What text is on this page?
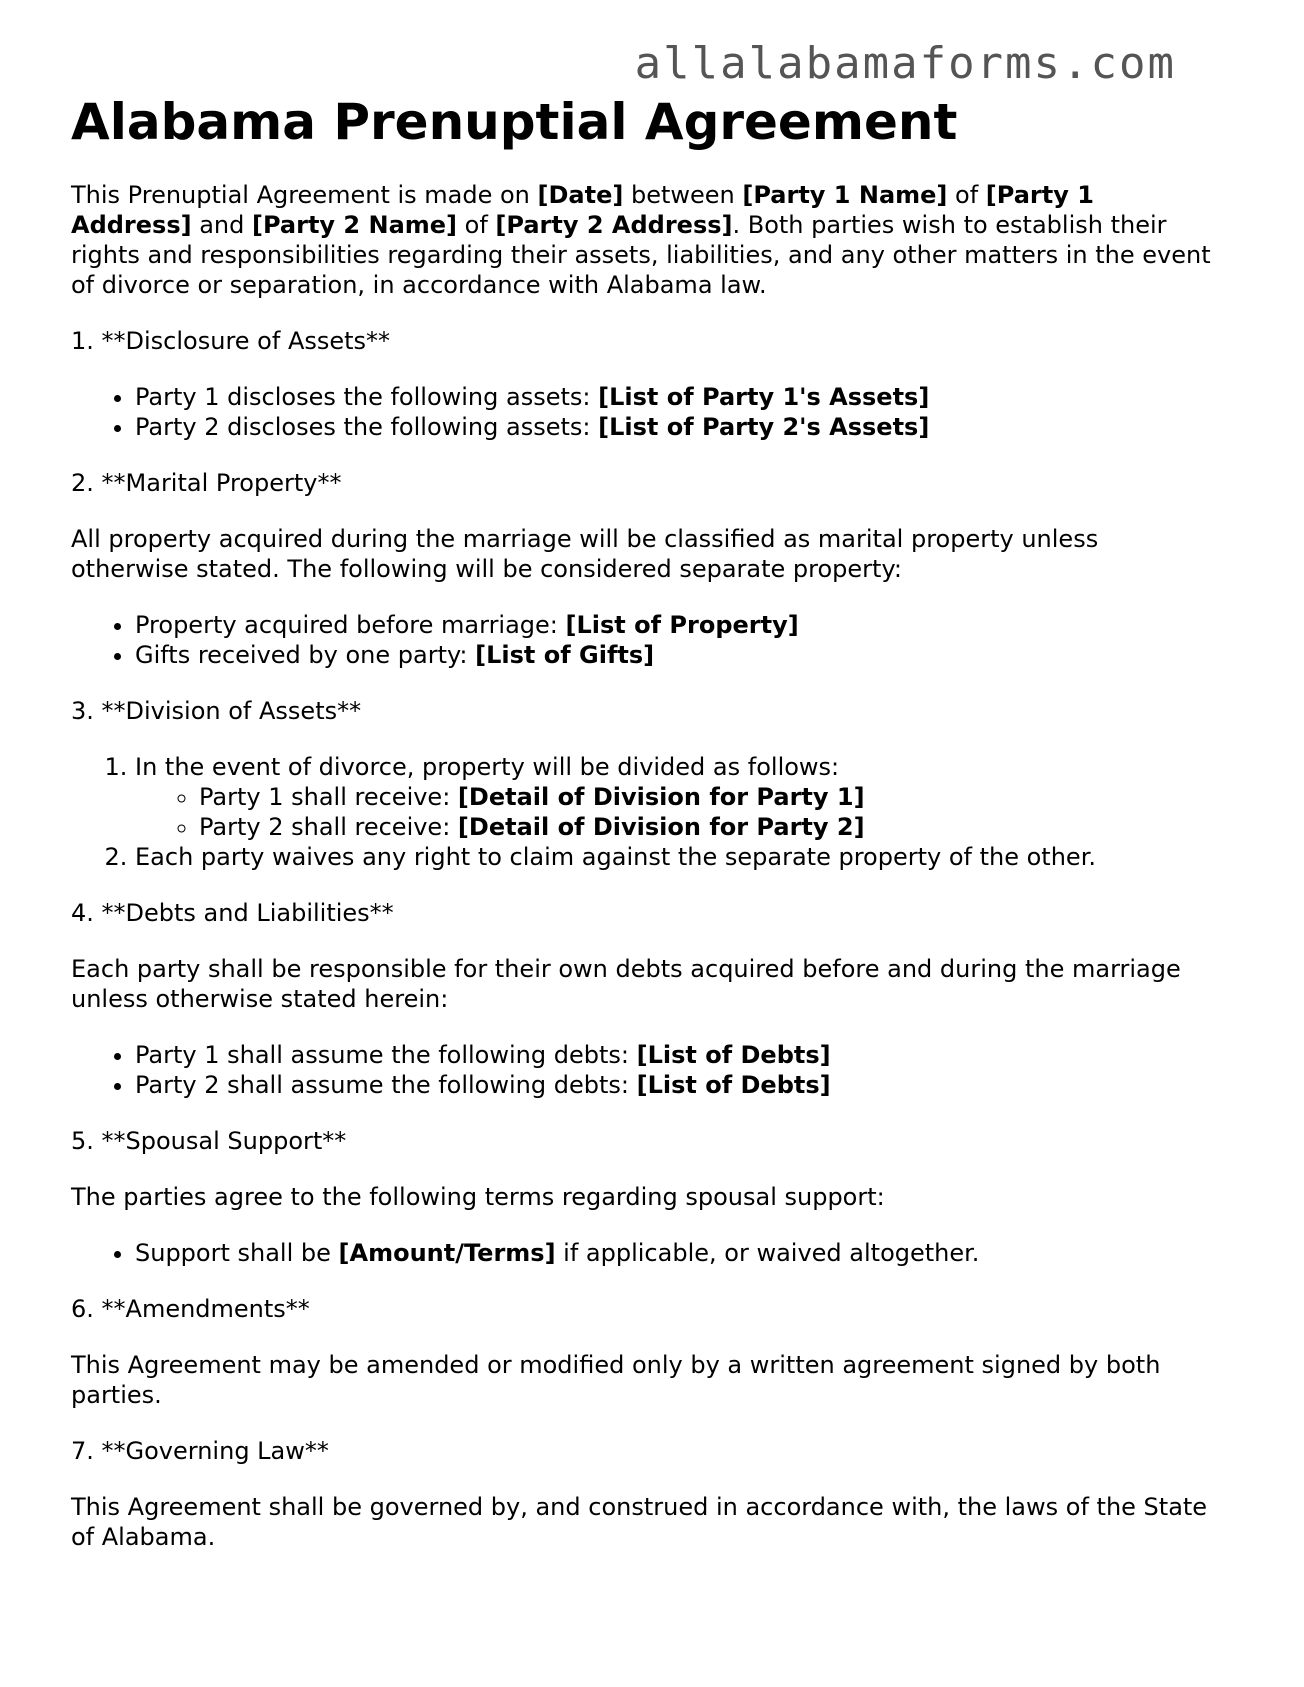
allalabamaforms.com
Alabama Prenuptial Agreement

This Prenuptial Agreement is made on [Date] between [Party 1 Name] of [Party 1 Address] and [Party 2 Name] of [Party 2 Address]. Both parties wish to establish their rights and responsibilities regarding their assets, liabilities, and any other matters in the event of divorce or separation, in accordance with Alabama law.

1. **Disclosure of Assets**
• Party 1 discloses the following assets: [List of Party 1's Assets]
• Party 2 discloses the following assets: [List of Party 2's Assets]
2. **Marital Property**

All property acquired during the marriage will be classified as marital property unless otherwise stated. The following will be considered separate property:

• Property acquired before marriage: [List of Property]
• Gifts received by one party: [List of Gifts]
3. **Division of Assets**
1. In the event of divorce, property will be divided as follows:
◦ Party 1 shall receive: [Detail of Division for Party 1]
◦ Party 2 shall receive: [Detail of Division for Party 2]
2. Each party waives any right to claim against the separate property of the other.
4. **Debts and Liabilities**

Each party shall be responsible for their own debts acquired before and during the marriage unless otherwise stated herein:

• Party 1 shall assume the following debts: [List of Debts]
• Party 2 shall assume the following debts: [List of Debts]
5. **Spousal Support**

The parties agree to the following terms regarding spousal support:

• Support shall be [Amount/Terms] if applicable, or waived altogether.
6. **Amendments**

This Agreement may be amended or modified only by a written agreement signed by both parties.

7. **Governing Law**

This Agreement shall be governed by, and construed in accordance with, the laws of the State of Alabama.
